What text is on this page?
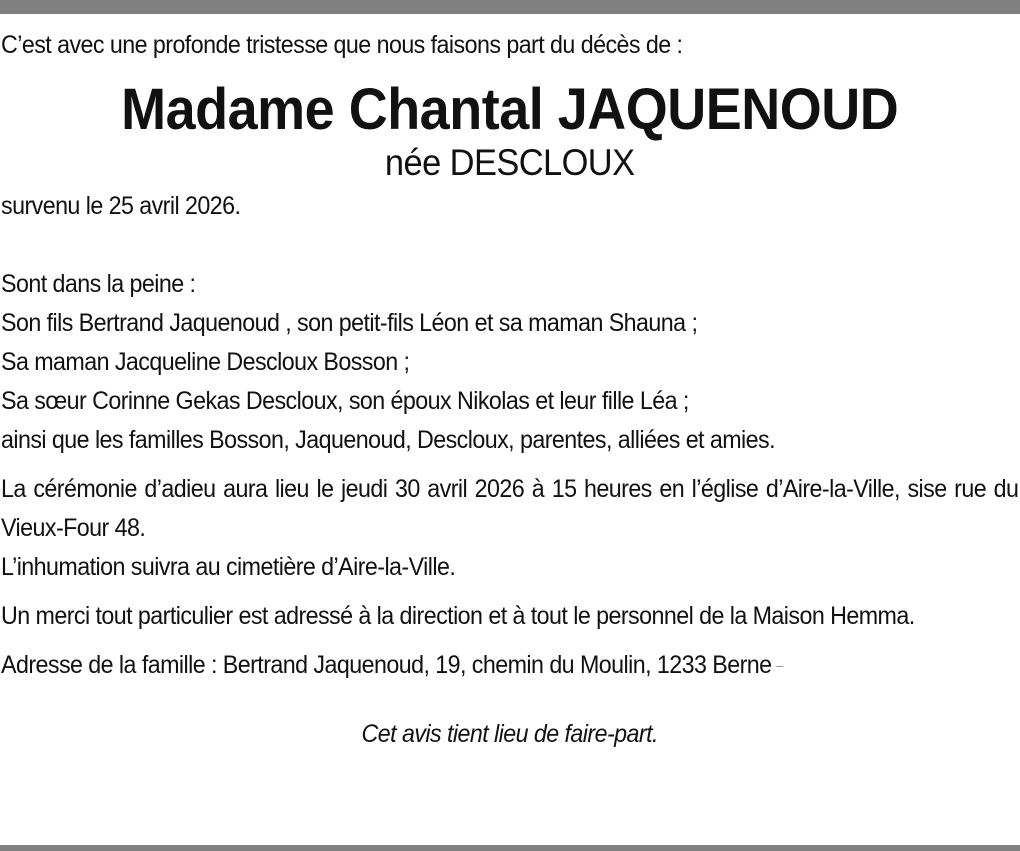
C’est avec une profonde tristesse que nous faisons part du décès de :
Madame Chantal JAQUENOUD
née DESCLOUX
survenu le 25 avril 2026.
Sont dans la peine :
Son fils Bertrand Jaquenoud , son petit-fils Léon et sa maman Shauna ;
Sa maman Jacqueline Descloux Bosson ;
Sa sœur Corinne Gekas Descloux, son époux Nikolas et leur fille Léa ;
ainsi que les familles Bosson, Jaquenoud, Descloux, parentes, alliées et amies.
La cérémonie d’adieu aura lieu le jeudi 30 avril 2026 à 15 heures en l’église d’Aire-la-Ville, sise rue du Vieux-Four 48.
L’inhumation suivra au cimetière d’Aire-la-Ville.
Un merci tout particulier est adressé à la direction et à tout le personnel de la Maison Hemma.
Adresse de la famille : Bertrand Jaquenoud, 19, chemin du Moulin, 1233 Berne
Cet avis tient lieu de faire-part.
